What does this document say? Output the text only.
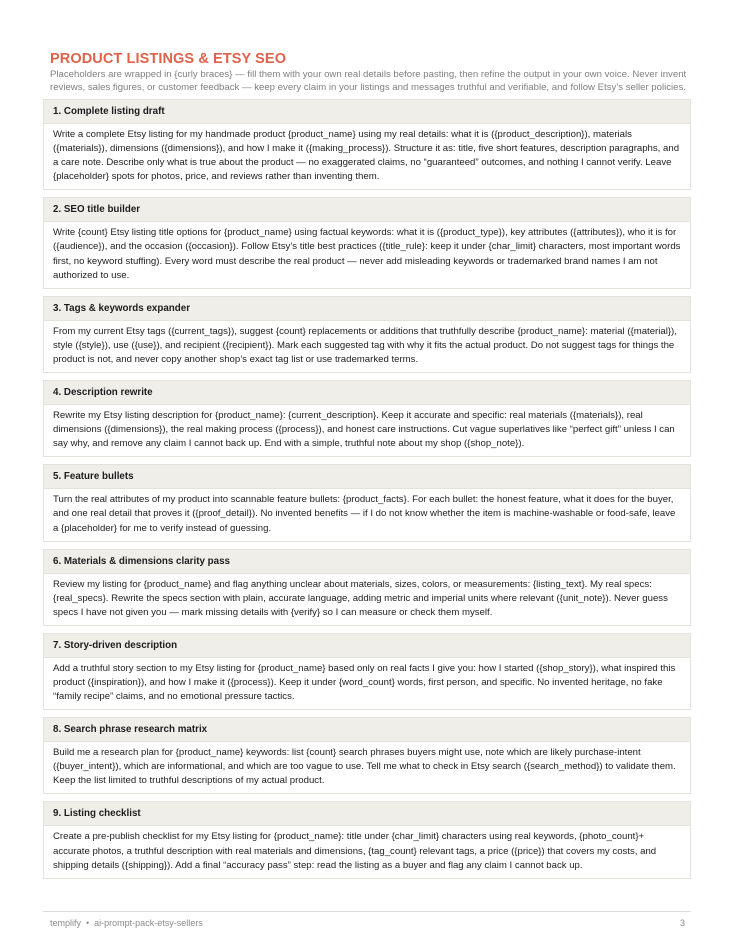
PRODUCT LISTINGS & ETSY SEO

Placeholders are wrapped in {curly braces} — fill them with your own real details before pasting, then refine the output in your own voice. Never invent reviews, sales figures, or customer feedback — keep every claim in your listings and messages truthful and verifiable, and follow Etsy’s seller policies.

1. Complete listing draft
Write a complete Etsy listing for my handmade product {product_name} using my real details: what it is ({product_description}), materials ({materials}), dimensions ({dimensions}), and how I make it ({making_process}). Structure it as: title, five short features, description paragraphs, and a care note. Describe only what is true about the product — no exaggerated claims, no “guaranteed” outcomes, and nothing I cannot verify. Leave {placeholder} spots for photos, price, and reviews rather than inventing them.
2. SEO title builder
Write {count} Etsy listing title options for {product_name} using factual keywords: what it is ({product_type}), key attributes ({attributes}), who it is for ({audience}), and the occasion ({occasion}). Follow Etsy’s title best practices ({title_rule}: keep it under {char_limit} characters, most important words first, no keyword stuffing). Every word must describe the real product — never add misleading keywords or trademarked brand names I am not authorized to use.
3. Tags & keywords expander
From my current Etsy tags ({current_tags}), suggest {count} replacements or additions that truthfully describe {product_name}: material ({material}), style ({style}), use ({use}), and recipient ({recipient}). Mark each suggested tag with why it fits the actual product. Do not suggest tags for things the product is not, and never copy another shop’s exact tag list or use trademarked terms.
4. Description rewrite
Rewrite my Etsy listing description for {product_name}: {current_description}. Keep it accurate and specific: real materials ({materials}), real dimensions ({dimensions}), the real making process ({process}), and honest care instructions. Cut vague superlatives like “perfect gift” unless I can say why, and remove any claim I cannot back up. End with a simple, truthful note about my shop ({shop_note}).
5. Feature bullets
Turn the real attributes of my product into scannable feature bullets: {product_facts}. For each bullet: the honest feature, what it does for the buyer, and one real detail that proves it ({proof_detail}). No invented benefits — if I do not know whether the item is machine-washable or food-safe, leave a {placeholder} for me to verify instead of guessing.
6. Materials & dimensions clarity pass
Review my listing for {product_name} and flag anything unclear about materials, sizes, colors, or measurements: {listing_text}. My real specs: {real_specs}. Rewrite the specs section with plain, accurate language, adding metric and imperial units where relevant ({unit_note}). Never guess specs I have not given you — mark missing details with {verify} so I can measure or check them myself.
7. Story-driven description
Add a truthful story section to my Etsy listing for {product_name} based only on real facts I give you: how I started ({shop_story}), what inspired this product ({inspiration}), and how I make it ({process}). Keep it under {word_count} words, first person, and specific. No invented heritage, no fake “family recipe” claims, and no emotional pressure tactics.
8. Search phrase research matrix
Build me a research plan for {product_name} keywords: list {count} search phrases buyers might use, note which are likely purchase-intent ({buyer_intent}), which are informational, and which are too vague to use. Tell me what to check in Etsy search ({search_method}) to validate them. Keep the list limited to truthful descriptions of my actual product.
9. Listing checklist
Create a pre-publish checklist for my Etsy listing for {product_name}: title under {char_limit} characters using real keywords, {photo_count}+ accurate photos, a truthful description with real materials and dimensions, {tag_count} relevant tags, a price ({price}) that covers my costs, and shipping details ({shipping}). Add a final “accuracy pass” step: read the listing as a buyer and flag any claim I cannot back up.
templify • ai-prompt-pack-etsy-sellers	3
